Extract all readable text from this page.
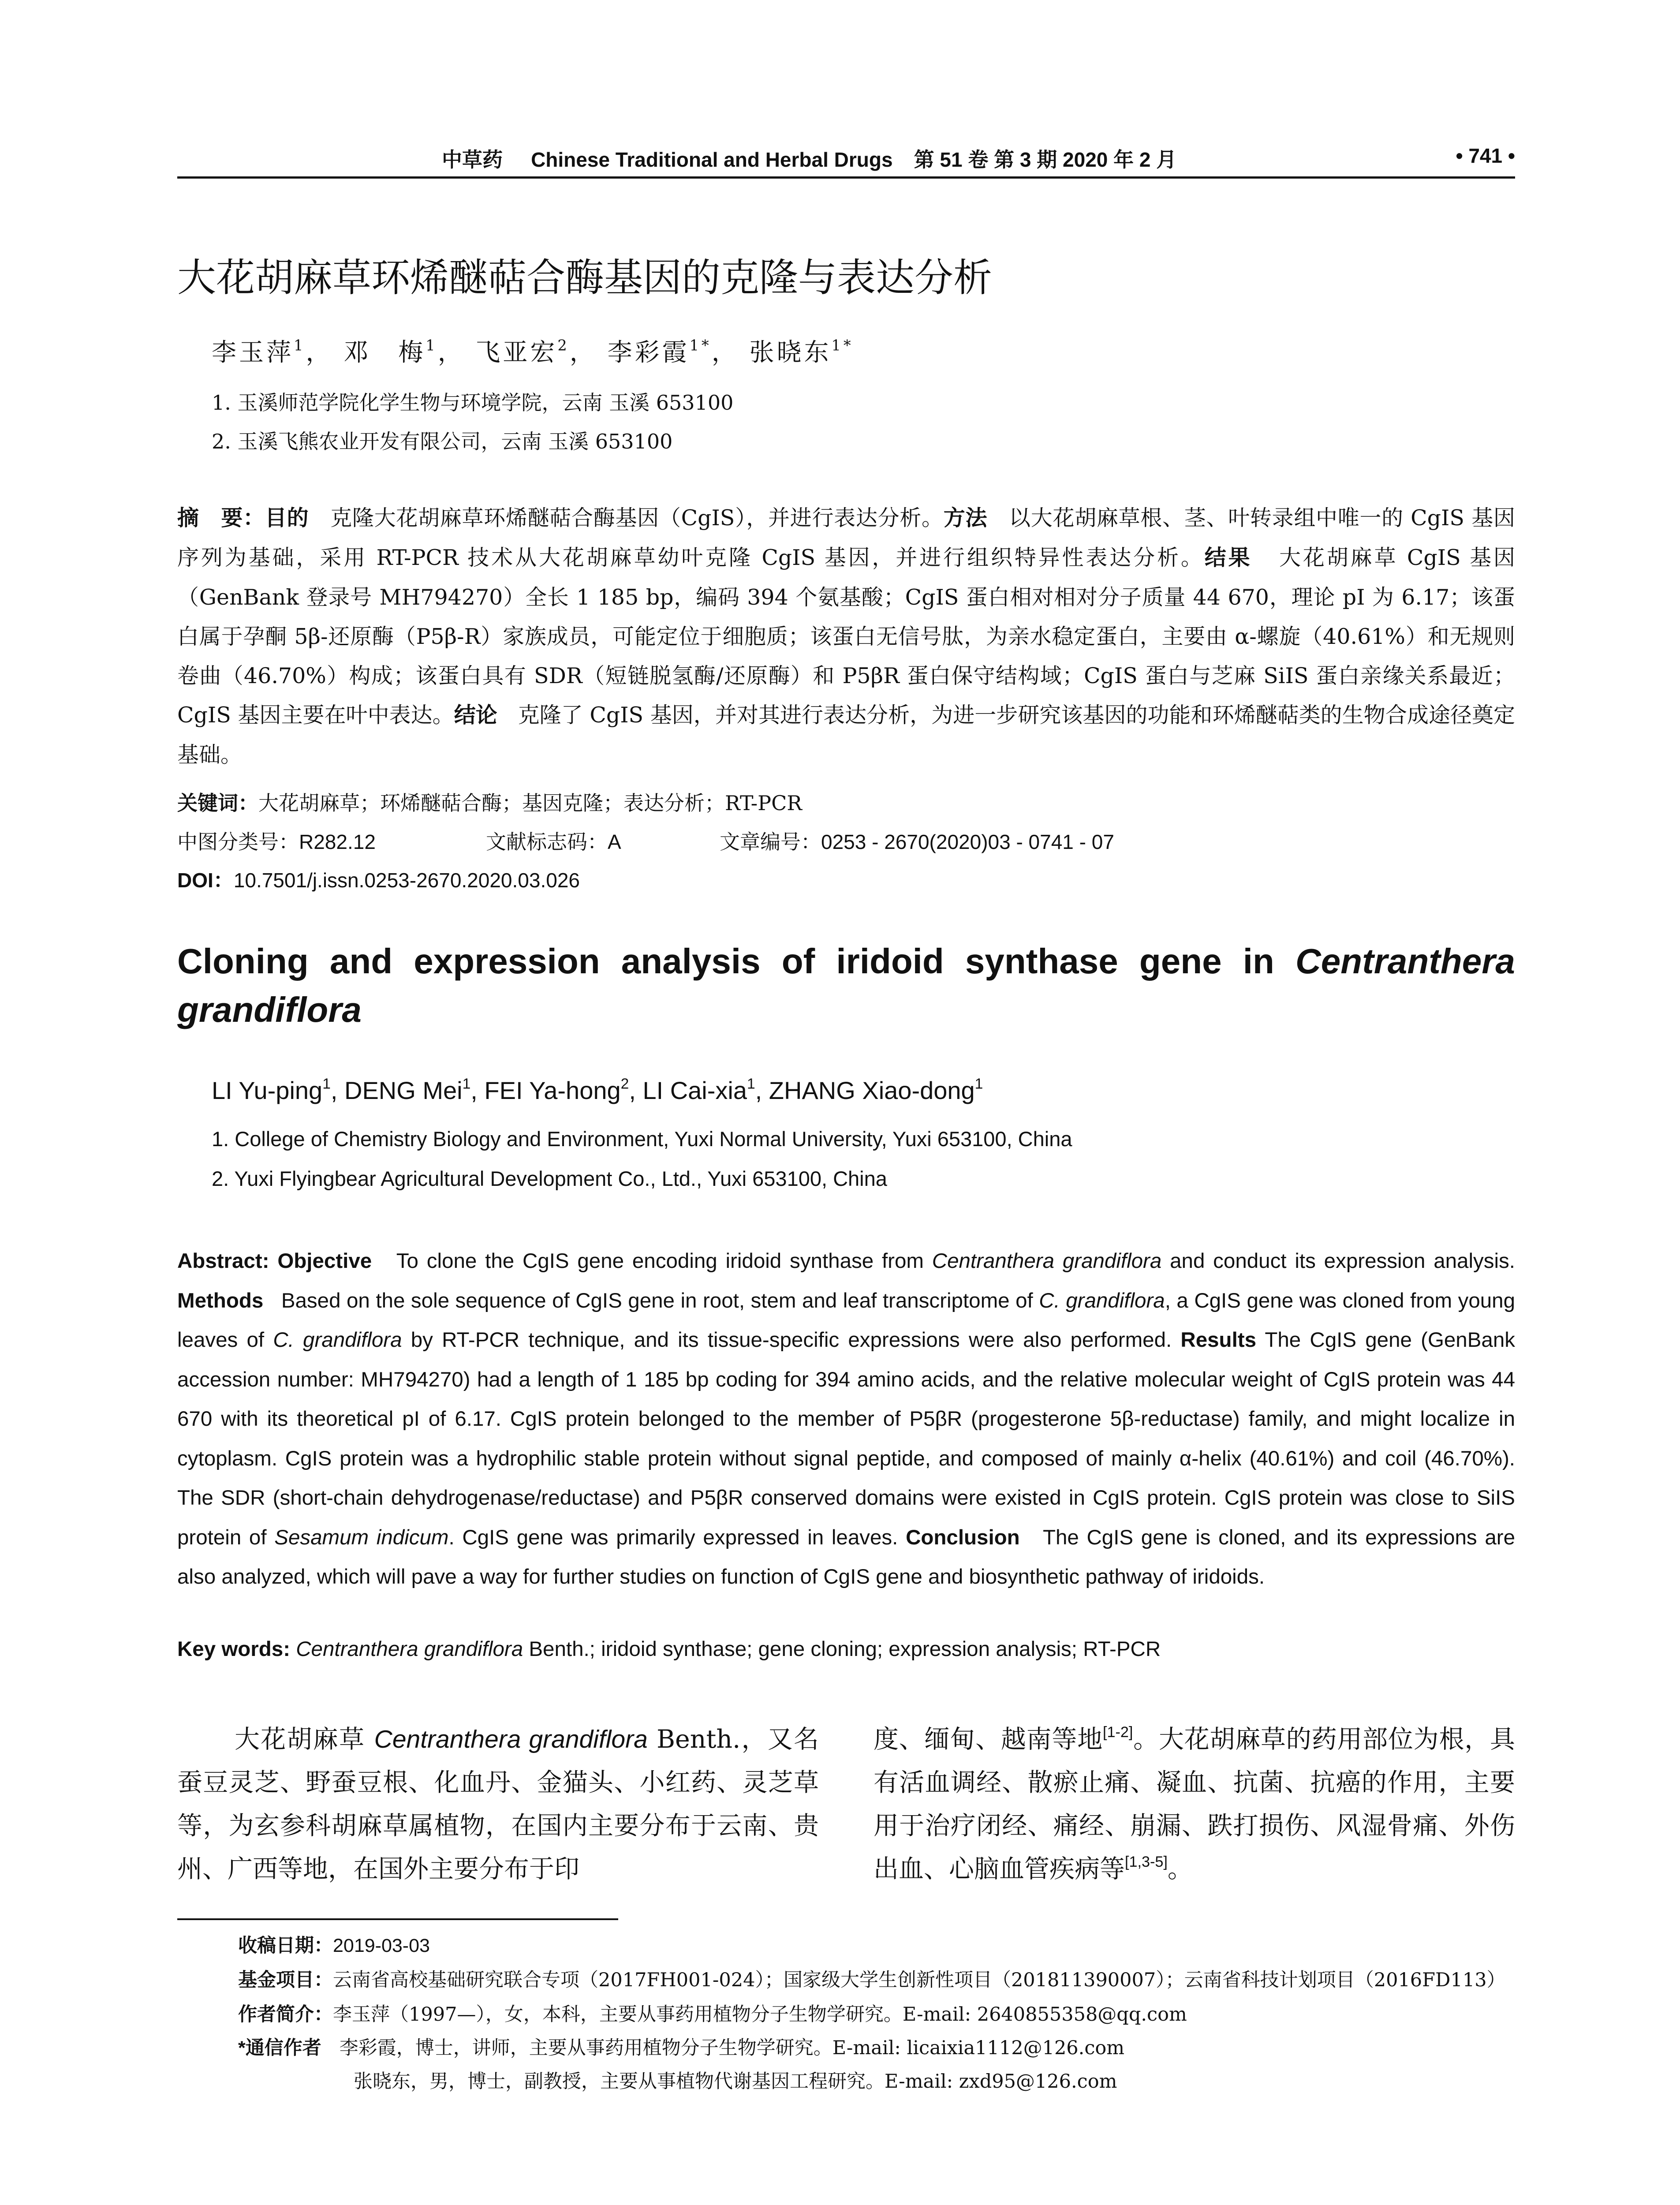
中草药 Chinese Traditional and Herbal Drugs 第 51 卷 第 3 期 2020 年 2 月	• 741 •
大花胡麻草环烯醚萜合酶基因的克隆与表达分析
李玉萍$^1$， 邓　梅$^1$， 飞亚宏$^2$， 李彩霞$^{1*}$， 张晓东$^{1*}$
1. 玉溪师范学院化学生物与环境学院，云南 玉溪 653100
2. 玉溪飞熊农业开发有限公司，云南 玉溪 653100
摘　要：目的 克隆大花胡麻草环烯醚萜合酶基因（CgIS），并进行表达分析。方法 以大花胡麻草根、茎、叶转录组中唯一的 CgIS 基因序列为基础，采用 RT-PCR 技术从大花胡麻草幼叶克隆 CgIS 基因，并进行组织特异性表达分析。结果 大花胡麻草 CgIS 基因（GenBank 登录号 MH794270）全长 1 185 bp，编码 394 个氨基酸；CgIS 蛋白相对相对分子质量 44 670，理论 pI 为 6.17；该蛋白属于孕酮 5β-还原酶（P5β-R）家族成员，可能定位于细胞质；该蛋白无信号肽，为亲水稳定蛋白，主要由 α-螺旋（40.61%）和无规则卷曲（46.70%）构成；该蛋白具有 SDR（短链脱氢酶/还原酶）和 P5βR 蛋白保守结构域；CgIS 蛋白与芝麻 SiIS 蛋白亲缘关系最近；CgIS 基因主要在叶中表达。结论 克隆了 CgIS 基因，并对其进行表达分析，为进一步研究该基因的功能和环烯醚萜类的生物合成途径奠定基础。
关键词：大花胡麻草；环烯醚萜合酶；基因克隆；表达分析；RT-PCR
中图分类号：R282.12	文献标志码：A	文章编号：0253 - 2670(2020)03 - 0741 - 07
DOI：10.7501/j.issn.0253-2670.2020.03.026
Cloning and expression analysis of iridoid synthase gene in Centranthera
grandiflora
LI Yu-ping$^1$, DENG Mei$^1$, FEI Ya-hong$^2$, LI Cai-xia$^1$, ZHANG Xiao-dong$^1$
1. College of Chemistry Biology and Environment, Yuxi Normal University, Yuxi 653100, China
2. Yuxi Flyingbear Agricultural Development Co., Ltd., Yuxi 653100, China
Abstract: Objective To clone the CgIS gene encoding iridoid synthase from Centranthera grandiflora and conduct its expression analysis. Methods Based on the sole sequence of CgIS gene in root, stem and leaf transcriptome of C. grandiflora, a CgIS gene was cloned from young leaves of C. grandiflora by RT-PCR technique, and its tissue-specific expressions were also performed. Results The CgIS gene (GenBank accession number: MH794270) had a length of 1 185 bp coding for 394 amino acids, and the relative molecular weight of CgIS protein was 44 670 with its theoretical pI of 6.17. CgIS protein belonged to the member of P5βR (progesterone 5β-reductase) family, and might localize in cytoplasm. CgIS protein was a hydrophilic stable protein without signal peptide, and composed of mainly α-helix (40.61%) and coil (46.70%). The SDR (short-chain dehydrogenase/reductase) and P5βR conserved domains were existed in CgIS protein. CgIS protein was close to SiIS protein of Sesamum indicum. CgIS gene was primarily expressed in leaves. Conclusion The CgIS gene is cloned, and its expressions are also analyzed, which will pave a way for further studies on function of CgIS gene and biosynthetic pathway of iridoids.
Key words: Centranthera grandiflora Benth.; iridoid synthase; gene cloning; expression analysis; RT-PCR
大花胡麻草 Centranthera grandiflora Benth.，又名蚕豆灵芝、野蚕豆根、化血丹、金猫头、小红药、灵芝草等，为玄参科胡麻草属植物，在国内主要分布于云南、贵州、广西等地，在国外主要分布于印
度、缅甸、越南等地[1-2]。大花胡麻草的药用部位为根，具有活血调经、散瘀止痛、凝血、抗菌、抗癌的作用，主要用于治疗闭经、痛经、崩漏、跌打损伤、风湿骨痛、外伤出血、心脑血管疾病等[1,3-5]。
收稿日期：2019-03-03
基金项目：云南省高校基础研究联合专项（2017FH001-024）；国家级大学生创新性项目（201811390007）；云南省科技计划项目（2016FD113）
作者简介：李玉萍（1997—），女，本科，主要从事药用植物分子生物学研究。E-mail: 2640855358@qq.com
*通信作者 李彩霞，博士，讲师，主要从事药用植物分子生物学研究。E-mail: licaixia1112@126.com
张晓东，男，博士，副教授，主要从事植物代谢基因工程研究。E-mail: zxd95@126.com
